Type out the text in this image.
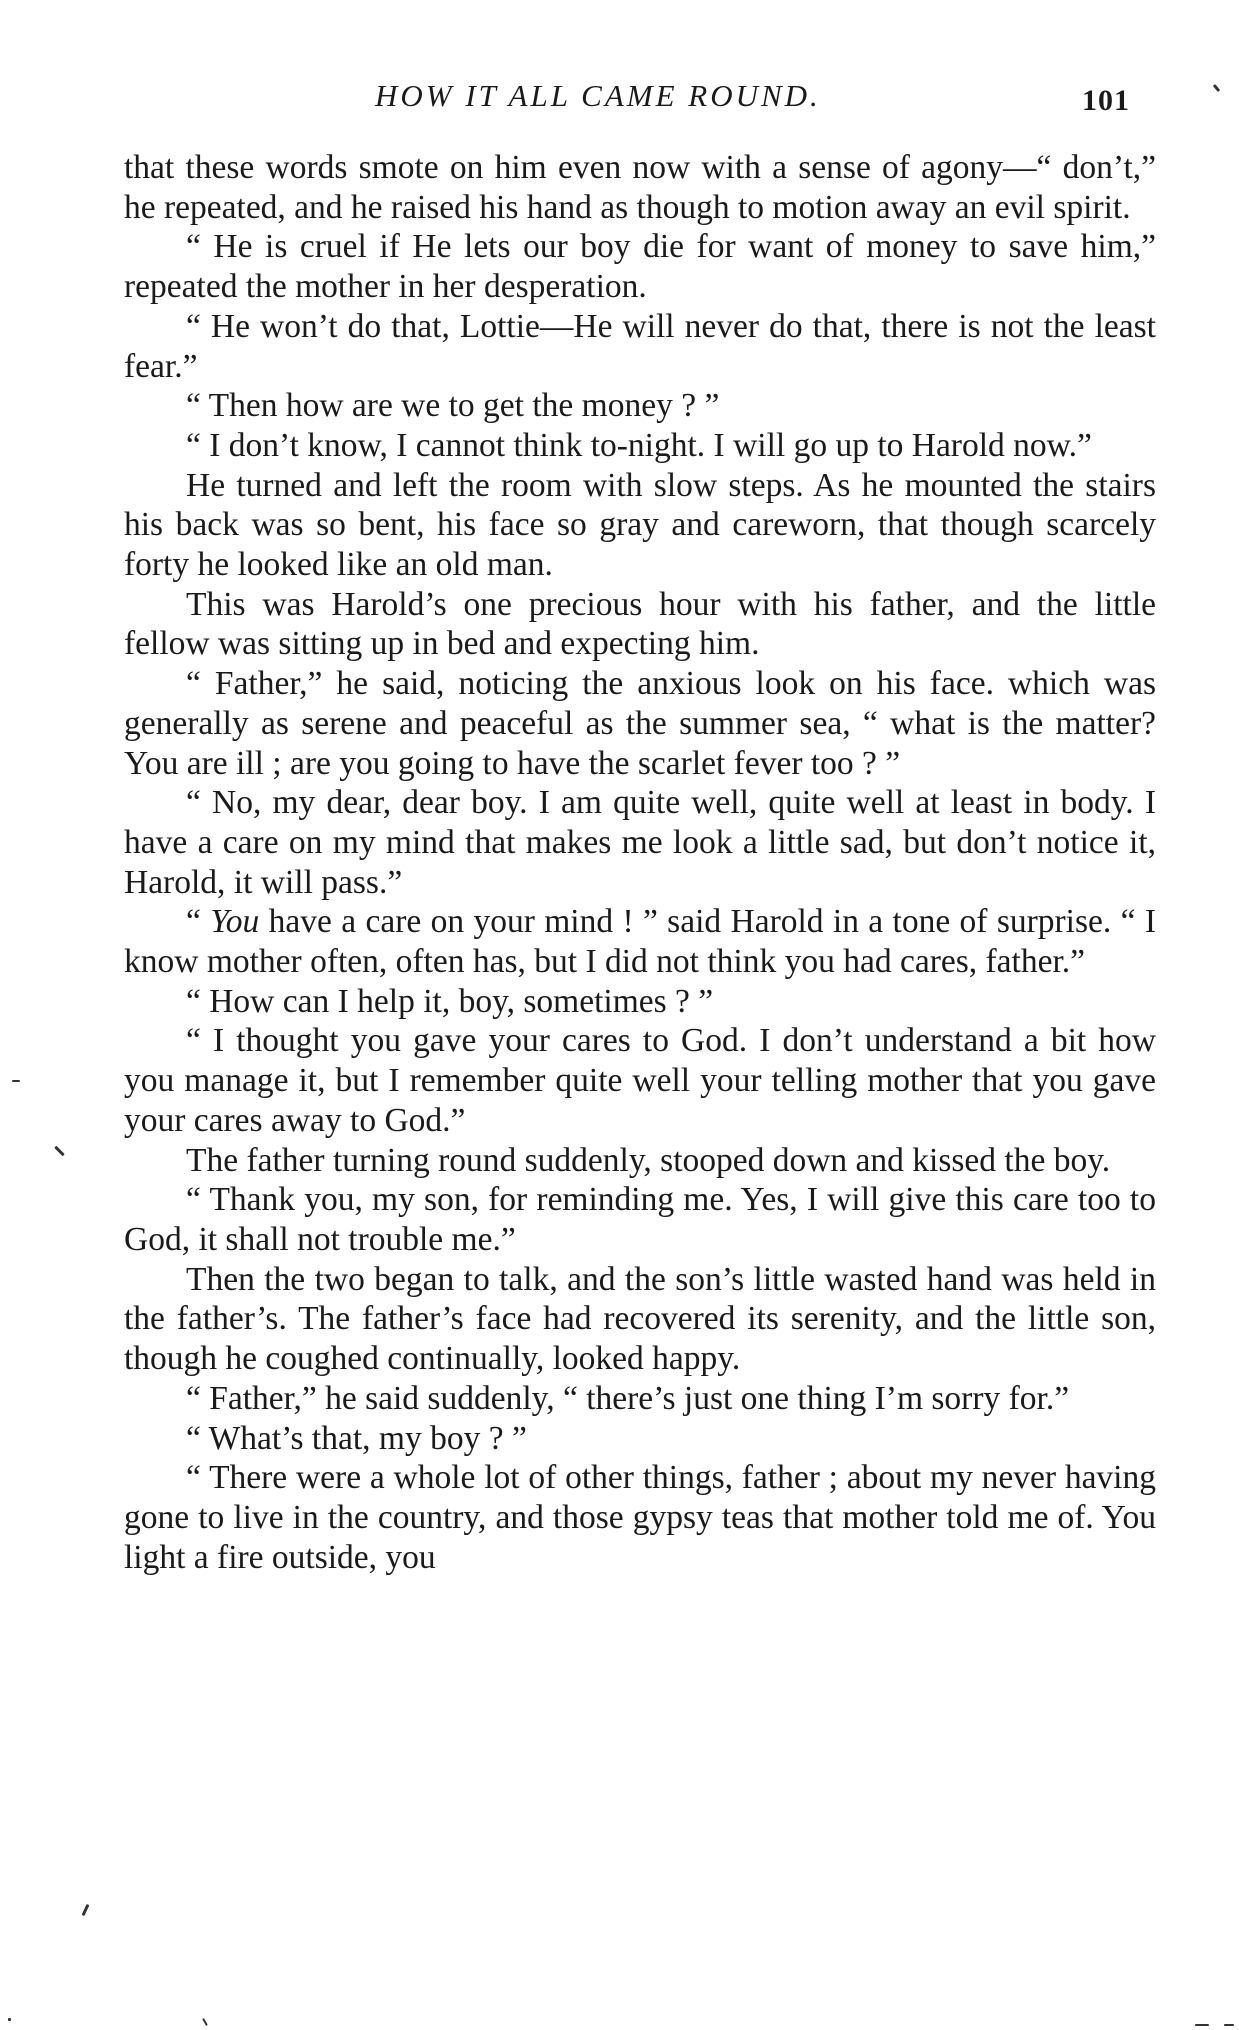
HOW IT ALL CAME ROUND.	101

that these words smote on him even now with a sense of agony—“ don’t,” he repeated, and he raised his hand as though to motion away an evil spirit.

“ He is cruel if He lets our boy die for want of money to save him,” repeated the mother in her desperation.

“ He won’t do that, Lottie—He will never do that, there is not the least fear.”

“ Then how are we to get the money ? ”

“ I don’t know, I cannot think to-night. I will go up to Harold now.”

He turned and left the room with slow steps. As he mounted the stairs his back was so bent, his face so gray and careworn, that though scarcely forty he looked like an old man.

This was Harold’s one precious hour with his father, and the little fellow was sitting up in bed and expecting him.

“ Father,” he said, noticing the anxious look on his face. which was generally as serene and peaceful as the summer sea, “ what is the matter? You are ill ; are you going to have the scarlet fever too ? ”

“ No, my dear, dear boy. I am quite well, quite well at least in body. I have a care on my mind that makes me look a little sad, but don’t notice it, Harold, it will pass.”

“ You have a care on your mind ! ” said Harold in a tone of surprise. “ I know mother often, often has, but I did not think you had cares, father.”

“ How can I help it, boy, sometimes ? ”

“ I thought you gave your cares to God. I don’t understand a bit how you manage it, but I remember quite well your telling mother that you gave your cares away to God.”

The father turning round suddenly, stooped down and kissed the boy.

“ Thank you, my son, for reminding me. Yes, I will give this care too to God, it shall not trouble me.”

Then the two began to talk, and the son’s little wasted hand was held in the father’s. The father’s face had recovered its serenity, and the little son, though he coughed continually, looked happy.

“ Father,” he said suddenly, “ there’s just one thing I’m sorry for.”

“ What’s that, my boy ? ”

“ There were a whole lot of other things, father ; about my never having gone to live in the country, and those gypsy teas that mother told me of. You light a fire outside, you
